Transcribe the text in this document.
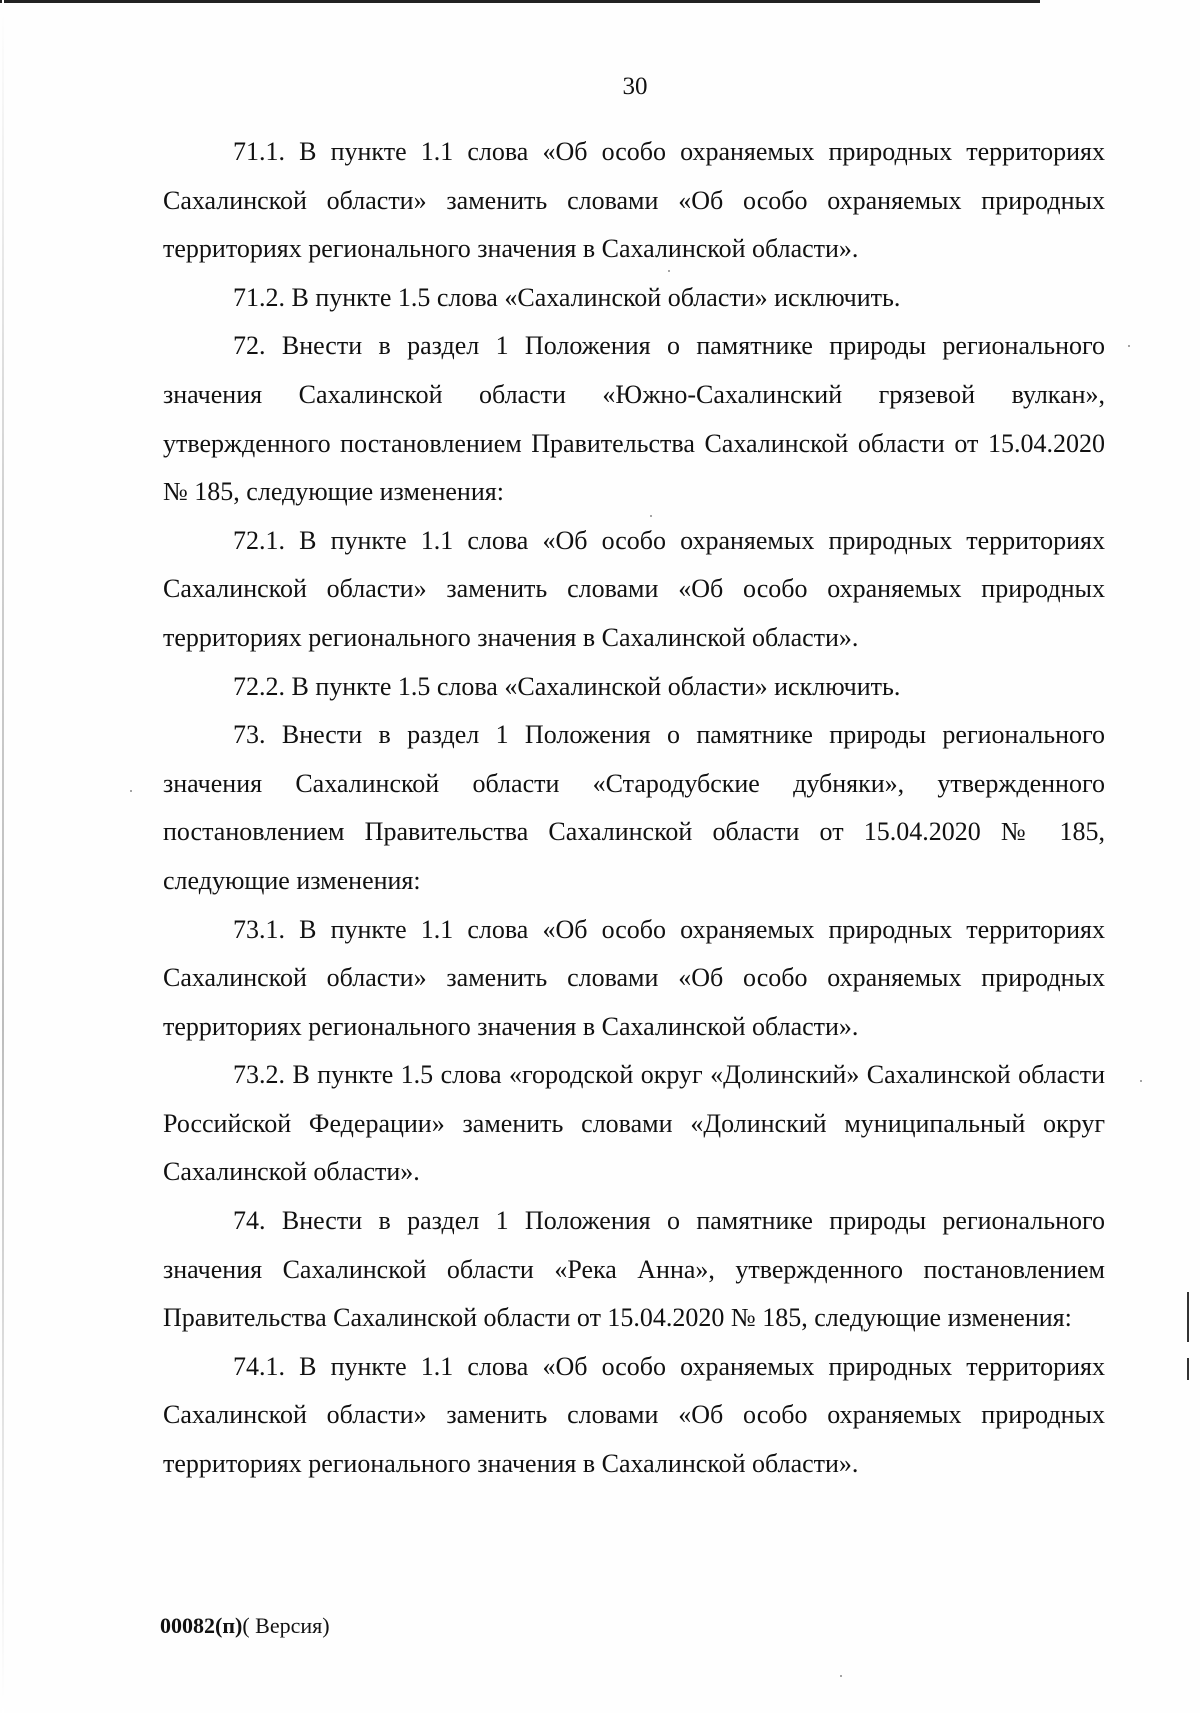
30

71.1. В пункте 1.1 слова «Об особо охраняемых природных территориях Сахалинской области» заменить словами «Об особо охраняемых природных территориях регионального значения в Сахалинской области».

71.2. В пункте 1.5 слова «Сахалинской области» исключить.

72. Внести в раздел 1 Положения о памятнике природы регионального значения Сахалинской области «Южно-Сахалинский грязевой вулкан», утвержденного постановлением Правительства Сахалинской области от 15.04.2020 № 185, следующие изменения:

72.1. В пункте 1.1 слова «Об особо охраняемых природных территориях Сахалинской области» заменить словами «Об особо охраняемых природных территориях регионального значения в Сахалинской области».

72.2. В пункте 1.5 слова «Сахалинской области» исключить.

73. Внести в раздел 1 Положения о памятнике природы регионального значения Сахалинской области «Стародубские дубняки», утвержденного постановлением Правительства Сахалинской области от 15.04.2020 № 185, следующие изменения:

73.1. В пункте 1.1 слова «Об особо охраняемых природных территориях Сахалинской области» заменить словами «Об особо охраняемых природных территориях регионального значения в Сахалинской области».

73.2. В пункте 1.5 слова «городской округ «Долинский» Сахалинской области Российской Федерации» заменить словами «Долинский муниципальный округ Сахалинской области».

74. Внести в раздел 1 Положения о памятнике природы регионального значения Сахалинской области «Река Анна», утвержденного постановлением Правительства Сахалинской области от 15.04.2020 № 185, следующие изменения:

74.1. В пункте 1.1 слова «Об особо охраняемых природных территориях Сахалинской области» заменить словами «Об особо охраняемых природных территориях регионального значения в Сахалинской области».

00082(п)( Версия)
